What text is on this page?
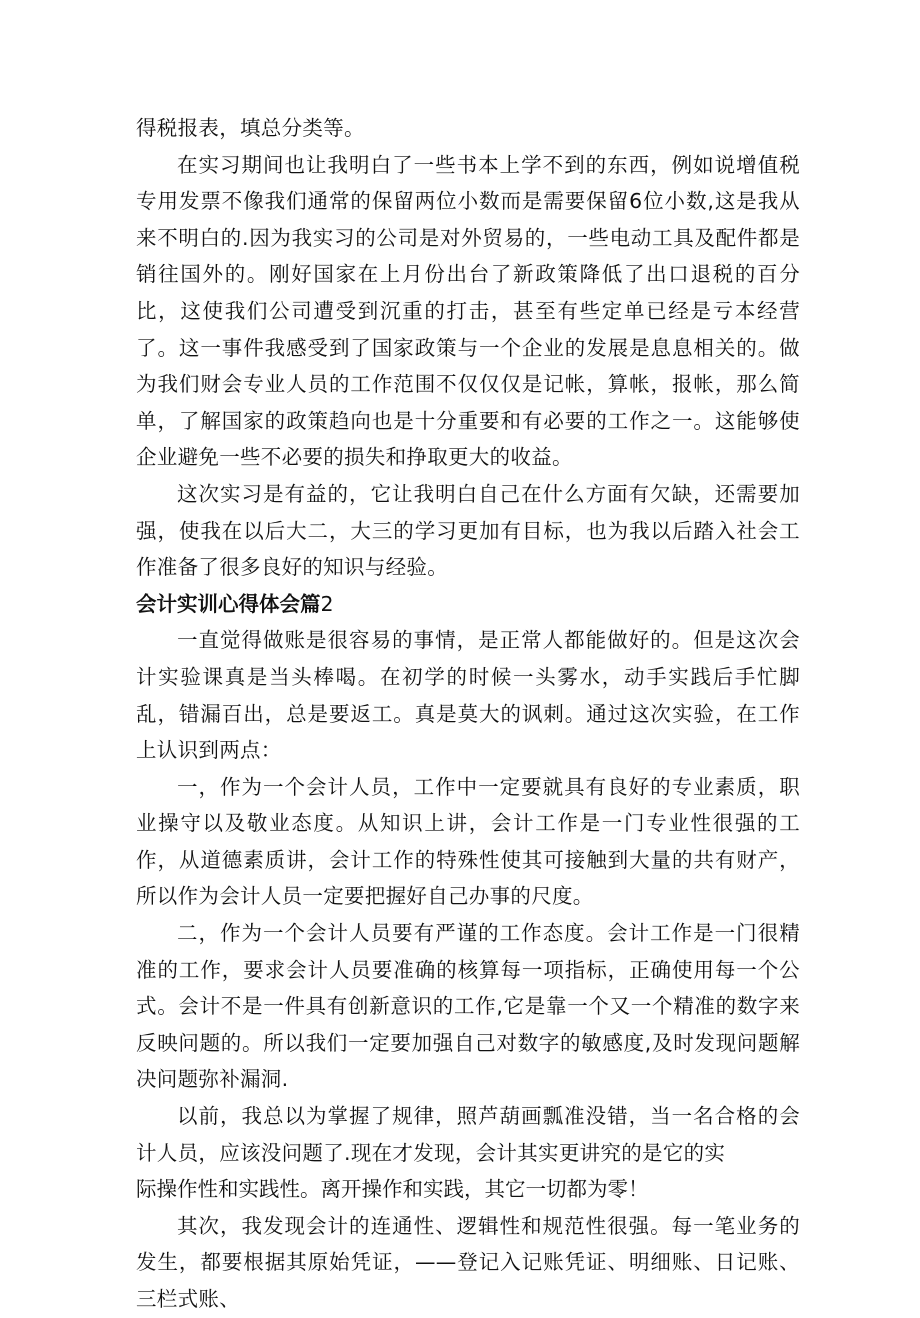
得税报表，填总分类等。

在实习期间也让我明白了一些书本上学不到的东西，例如说增值税专用发票不像我们通常的保留两位小数而是需要保留6位小数,这是我从来不明白的.因为我实习的公司是对外贸易的，一些电动工具及配件都是销往国外的。刚好国家在上月份出台了新政策降低了出口退税的百分比，这使我们公司遭受到沉重的打击，甚至有些定单已经是亏本经营了。这一事件我感受到了国家政策与一个企业的发展是息息相关的。做为我们财会专业人员的工作范围不仅仅仅是记帐，算帐，报帐，那么简单，了解国家的政策趋向也是十分重要和有必要的工作之一。这能够使企业避免一些不必要的损失和挣取更大的收益。

这次实习是有益的，它让我明白自己在什么方面有欠缺，还需要加强，使我在以后大二，大三的学习更加有目标，也为我以后踏入社会工作准备了很多良好的知识与经验。

会计实训心得体会篇2

一直觉得做账是很容易的事情，是正常人都能做好的。但是这次会计实验课真是当头棒喝。在初学的时候一头雾水，动手实践后手忙脚乱，错漏百出，总是要返工。真是莫大的讽刺。通过这次实验，在工作上认识到两点：

一，作为一个会计人员，工作中一定要就具有良好的专业素质，职业操守以及敬业态度。从知识上讲，会计工作是一门专业性很强的工作，从道德素质讲，会计工作的特殊性使其可接触到大量的共有财产，所以作为会计人员一定要把握好自己办事的尺度。

二，作为一个会计人员要有严谨的工作态度。会计工作是一门很精准的工作，要求会计人员要准确的核算每一项指标，正确使用每一个公式。会计不是一件具有创新意识的工作,它是靠一个又一个精准的数字来反映问题的。所以我们一定要加强自己对数字的敏感度,及时发现问题解决问题弥补漏洞.

以前，我总以为掌握了规律，照芦葫画瓢准没错，当一名合格的会计人员，应该没问题了.现在才发现，会计其实更讲究的是它的实

际操作性和实践性。离开操作和实践，其它一切都为零！

其次，我发现会计的连通性、逻辑性和规范性很强。每一笔业务的发生，都要根据其原始凭证，——登记入记账凭证、明细账、日记账、三栏式账、
